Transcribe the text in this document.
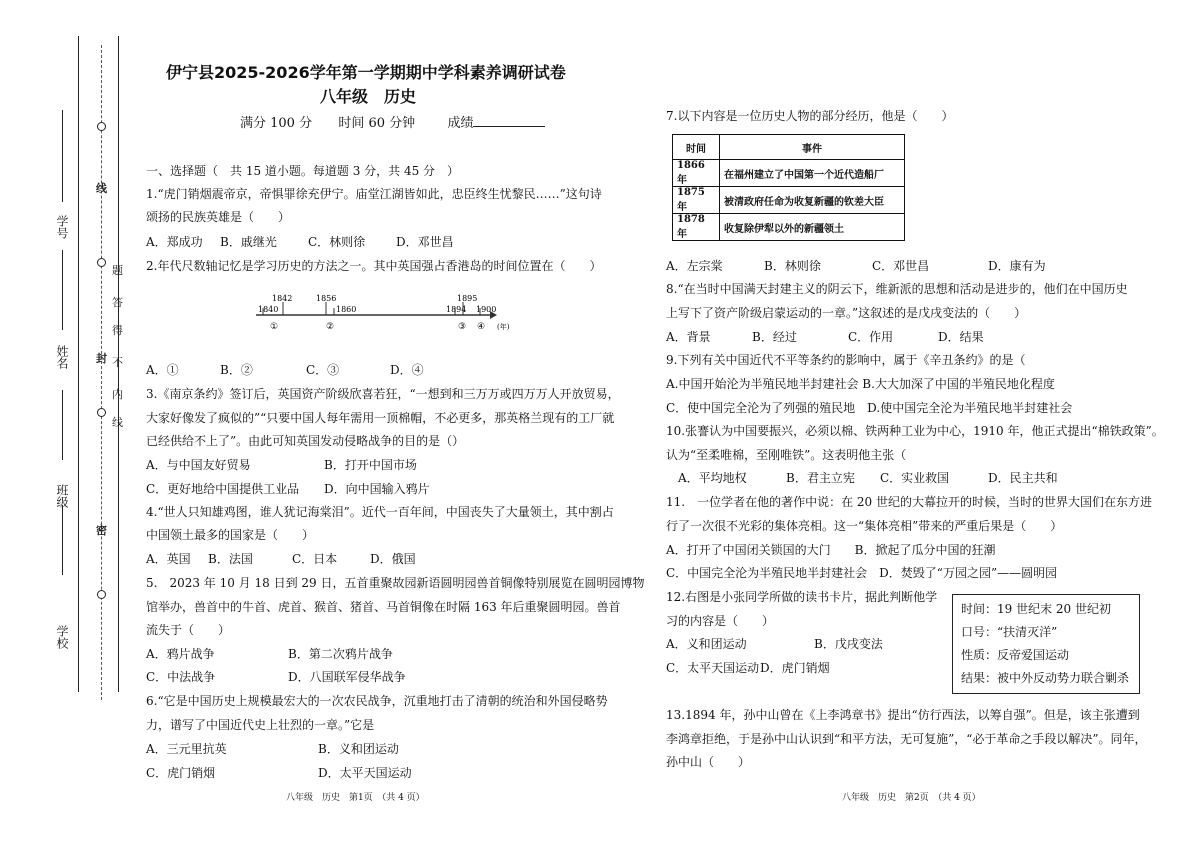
线
题
答
不
得
内
线
封
密
学号
姓名
班级
学校
伊宁县2025-2026学年第一学期期中学科素养调研试卷
八年级　历史
满分 100 分 时间 60 分钟 成绩
一、选择题（　共 15 道小题。每道题 3 分，共 45 分　）
1.“虎门销烟震帝京，帝惧罪徐充伊宁。庙堂江湖皆如此，忠臣终生忧黎民……”这句诗
颂扬的民族英雄是（　　）
A．郑成功 B．戚继光	C．林则徐	D．邓世昌
2.年代尺数轴记忆是学习历史的方法之一。其中英国强占香港岛的时间位置在（　　）
1842	1856	1895
1840	1860	1894 1900
①	②	③ ④ (年)
A．①	B．②	C．③	D．④
3.《南京条约》签订后，英国资产阶级欣喜若狂，“一想到和三万万或四万万人开放贸易，
大家好像发了疯似的”“只要中国人每年需用一顶棉帽，不必更多，那英格兰现有的工厂就
已经供给不上了”。由此可知英国发动侵略战争的目的是（）
A．与中国友好贸易	B．打开中国市场
C．更好地给中国提供工业品 D．向中国输入鸦片
4.“世人只知雄鸡图，谁人犹记海棠泪”。近代一百年间，中国丧失了大量领土，其中割占
中国领土最多的国家是（　　）
A．英国 B．法国	C．日本	D．俄国
5.　2023 年 10 月 18 日到 29 日，五首重聚故园新语圆明园兽首铜像特别展览在圆明园博物
馆举办，兽首中的牛首、虎首、猴首、猪首、马首铜像在时隔 163 年后重聚圆明园。兽首
流失于（　　）
A．鸦片战争	B．第二次鸦片战争
C．中法战争	D．八国联军侵华战争
6.“它是中国历史上规模最宏大的一次农民战争，沉重地打击了清朝的统治和外国侵略势
力，谱写了中国近代史上壮烈的一章。”它是
A．三元里抗英	B．义和团运动
C．虎门销烟	D．太平天国运动
八年级　历史　第1页　（共 4 页）
7.以下内容是一位历史人物的部分经历，他是（　　）
时间	事件
1866 年	在福州建立了中国第一个近代造船厂
1875 年	被清政府任命为收复新疆的钦差大臣
1878 年	收复除伊犁以外的新疆领土
A．左宗棠	B．林则徐	C．邓世昌	D．康有为
8.“在当时中国满天封建主义的阴云下，维新派的思想和活动是进步的，他们在中国历史
上写下了资产阶级启蒙运动的一章。”这叙述的是戊戌变法的（　　）
A．背景	B．经过	C．作用	D．结果
9.下列有关中国近代不平等条约的影响中，属于《辛丑条约》的是（
A.中国开始沦为半殖民地半封建社会 B.大大加深了中国的半殖民地化程度
C．使中国完全沦为了列强的殖民地　D.使中国完全沦为半殖民地半封建社会
10.张謇认为中国要振兴，必须以棉、铁两种工业为中心，1910 年，他正式提出“棉铁政策”。
认为“至柔唯棉，至刚唯铁”。这表明他主张（
A．平均地权	B．君主立宪 C．实业救国	D．民主共和
11.　一位学者在他的著作中说：在 20 世纪的大幕拉开的时候，当时的世界大国们在东方进
行了一次很不光彩的集体亮相。这一“集体亮相”带来的严重后果是（　　）
A．打开了中国闭关锁国的大门　　B．掀起了瓜分中国的狂潮
C．中国完全沦为半殖民地半封建社会　D．焚毁了“万园之园”——圆明园
12.右图是小张同学所做的读书卡片，据此判断他学
习的内容是（　　）
A．义和团运动	B．戊戌变法
C．太平天国运动D．虎门销烟
时间：19 世纪末 20 世纪初
口号：“扶清灭洋”
性质：反帝爱国运动
结果：被中外反动势力联合剿杀
13.1894 年，孙中山曾在《上李鸿章书》提出“仿行西法，以筹自强”。但是，该主张遭到
李鸿章拒绝，于是孙中山认识到“和平方法，无可复施”，“必于革命之手段以解决”。同年，
孙中山（　　）
八年级　历史　第2页　（共 4 页）
